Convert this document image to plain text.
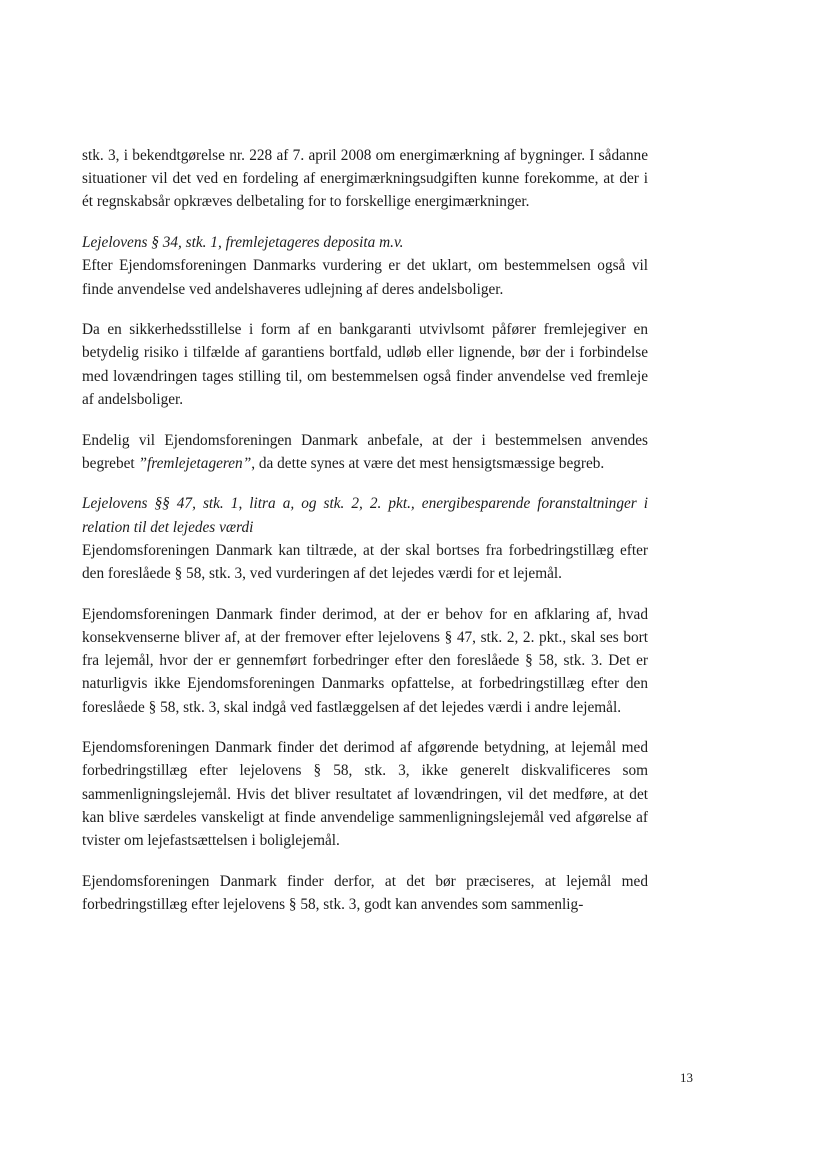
stk. 3, i bekendtgørelse nr. 228 af 7. april 2008 om energimærkning af bygninger. I sådanne situationer vil det ved en fordeling af energimærkningsudgiften kunne forekomme, at der i ét regnskabsår opkræves delbetaling for to forskellige energimærkninger.

Lejelovens § 34, stk. 1, fremlejetageres deposita m.v.
Efter Ejendomsforeningen Danmarks vurdering er det uklart, om bestemmelsen også vil finde anvendelse ved andelshaveres udlejning af deres andelsboliger.

Da en sikkerhedsstillelse i form af en bankgaranti utvivlsomt påfører fremlejegiver en betydelig risiko i tilfælde af garantiens bortfald, udløb eller lignende, bør der i forbindelse med lovændringen tages stilling til, om bestemmelsen også finder anvendelse ved fremleje af andelsboliger.

Endelig vil Ejendomsforeningen Danmark anbefale, at der i bestemmelsen anvendes begrebet ”fremlejetageren”, da dette synes at være det mest hensigtsmæssige begreb.

Lejelovens §§ 47, stk. 1, litra a, og stk. 2, 2. pkt., energibesparende foranstaltninger i relation til det lejedes værdi
Ejendomsforeningen Danmark kan tiltræde, at der skal bortses fra forbedringstillæg efter den foreslåede § 58, stk. 3, ved vurderingen af det lejedes værdi for et lejemål.

Ejendomsforeningen Danmark finder derimod, at der er behov for en afklaring af, hvad konsekvenserne bliver af, at der fremover efter lejelovens § 47, stk. 2, 2. pkt., skal ses bort fra lejemål, hvor der er gennemført forbedringer efter den foreslåede § 58, stk. 3. Det er naturligvis ikke Ejendomsforeningen Danmarks opfattelse, at forbedringstillæg efter den foreslåede § 58, stk. 3, skal indgå ved fastlæggelsen af det lejedes værdi i andre lejemål.

Ejendomsforeningen Danmark finder det derimod af afgørende betydning, at lejemål med forbedringstillæg efter lejelovens § 58, stk. 3, ikke generelt diskvalificeres som sammenligningslejemål. Hvis det bliver resultatet af lovændringen, vil det medføre, at det kan blive særdeles vanskeligt at finde anvendelige sammenligningslejemål ved afgørelse af tvister om lejefastsættelsen i boliglejemål.

Ejendomsforeningen Danmark finder derfor, at det bør præciseres, at lejemål med forbedringstillæg efter lejelovens § 58, stk. 3, godt kan anvendes som sammenlig-

13
